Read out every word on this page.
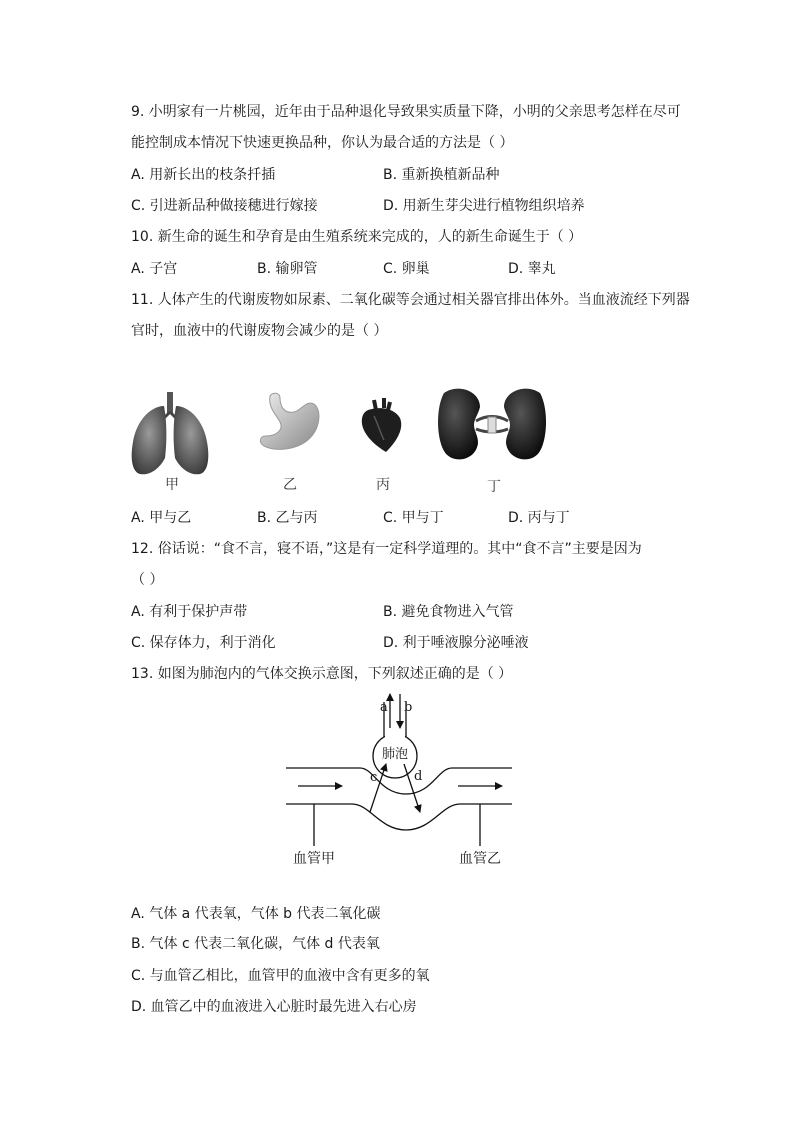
9. 小明家有一片桃园，近年由于品种退化导致果实质量下降，小明的父亲思考怎样在尽可
能控制成本情况下快速更换品种，你认为最合适的方法是（ ）
A. 用新长出的枝条扦插	B. 重新换植新品种
C. 引进新品种做接穗进行嫁接	D. 用新生芽尖进行植物组织培养
10. 新生命的诞生和孕育是由生殖系统来完成的，人的新生命诞生于（ ）
A. 子宫	B. 输卵管	C. 卵巢	D. 睾丸
11. 人体产生的代谢废物如尿素、二氧化碳等会通过相关器官排出体外。当血液流经下列器
官时，血液中的代谢废物会减少的是（ ）
甲	乙	丙	丁
A. 甲与乙	B. 乙与丙	C. 甲与丁	D. 丙与丁
12. 俗话说：“食不言，寝不语，”这是有一定科学道理的。其中“食不言”主要是因为
（ ）
A. 有利于保护声带	B. 避免食物进入气管
C. 保存体力，利于消化	D. 利于唾液腺分泌唾液
13. 如图为肺泡内的气体交换示意图，下列叙述正确的是（ ）
a b
肺泡
c	d
血管甲	血管乙
A. 气体 a 代表氧，气体 b 代表二氧化碳
B. 气体 c 代表二氧化碳，气体 d 代表氧
C. 与血管乙相比，血管甲的血液中含有更多的氧
D. 血管乙中的血液进入心脏时最先进入右心房
